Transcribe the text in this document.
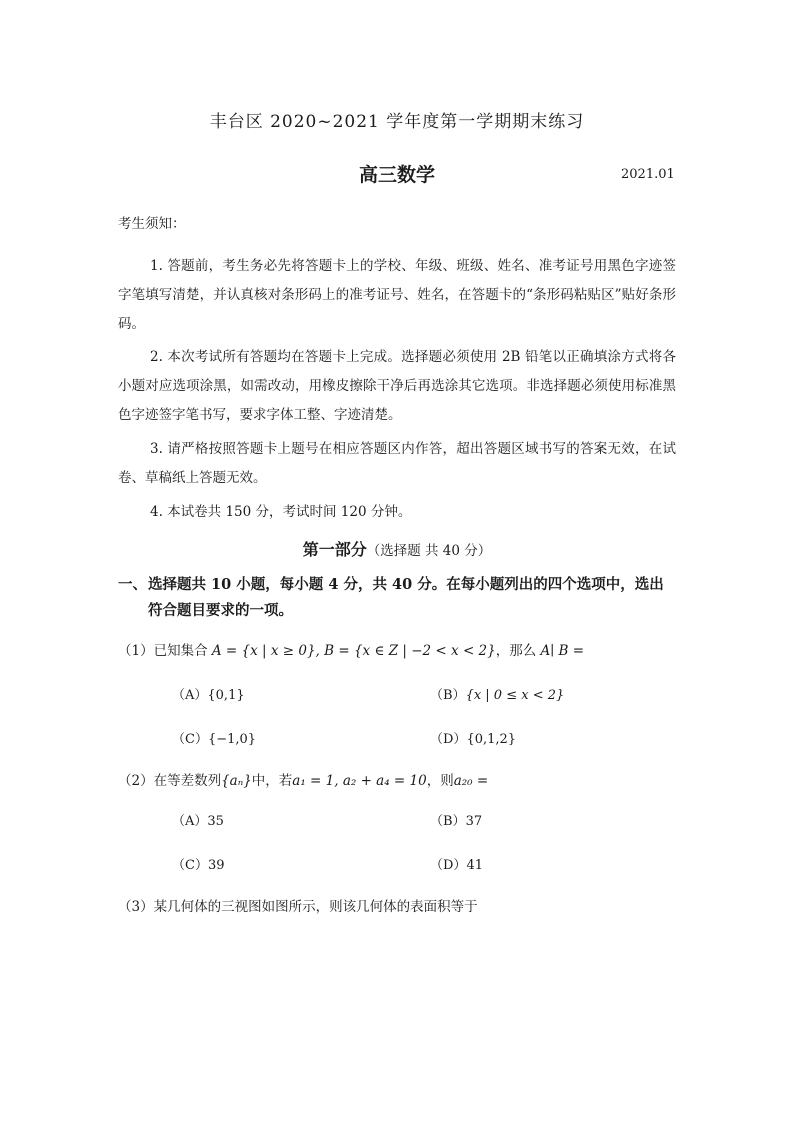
丰台区 2020~2021 学年度第一学期期末练习
高三数学	2021.01
考生须知：
1. 答题前，考生务必先将答题卡上的学校、年级、班级、姓名、准考证号用黑色字迹签字笔填写清楚，并认真核对条形码上的准考证号、姓名，在答题卡的“条形码粘贴区”贴好条形码。
2. 本次考试所有答题均在答题卡上完成。选择题必须使用 2B 铅笔以正确填涂方式将各小题对应选项涂黑，如需改动，用橡皮擦除干净后再选涂其它选项。非选择题必须使用标准黑色字迹签字笔书写，要求字体工整、字迹清楚。
3. 请严格按照答题卡上题号在相应答题区内作答，超出答题区域书写的答案无效，在试卷、草稿纸上答题无效。
4. 本试卷共 150 分，考试时间 120 分钟。
第一部分（选择题 共 40 分）
一、 选择题共 10 小题，每小题 4 分，共 40 分。在每小题列出的四个选项中，选出符合题目要求的一项。
（1）已知集合 A = {x | x ≥ 0}, B = {x ∈ Z | −2 < x < 2}，那么 A∣ B =
（A）{0,1}	（B）{x | 0 ≤ x < 2}
（C）{−1,0}	（D）{0,1,2}
（2）在等差数列{aₙ}中，若a₁ = 1, a₂ + a₄ = 10，则a₂₀ =
（A）35	（B）37
（C）39	（D）41
（3）某几何体的三视图如图所示，则该几何体的表面积等于
